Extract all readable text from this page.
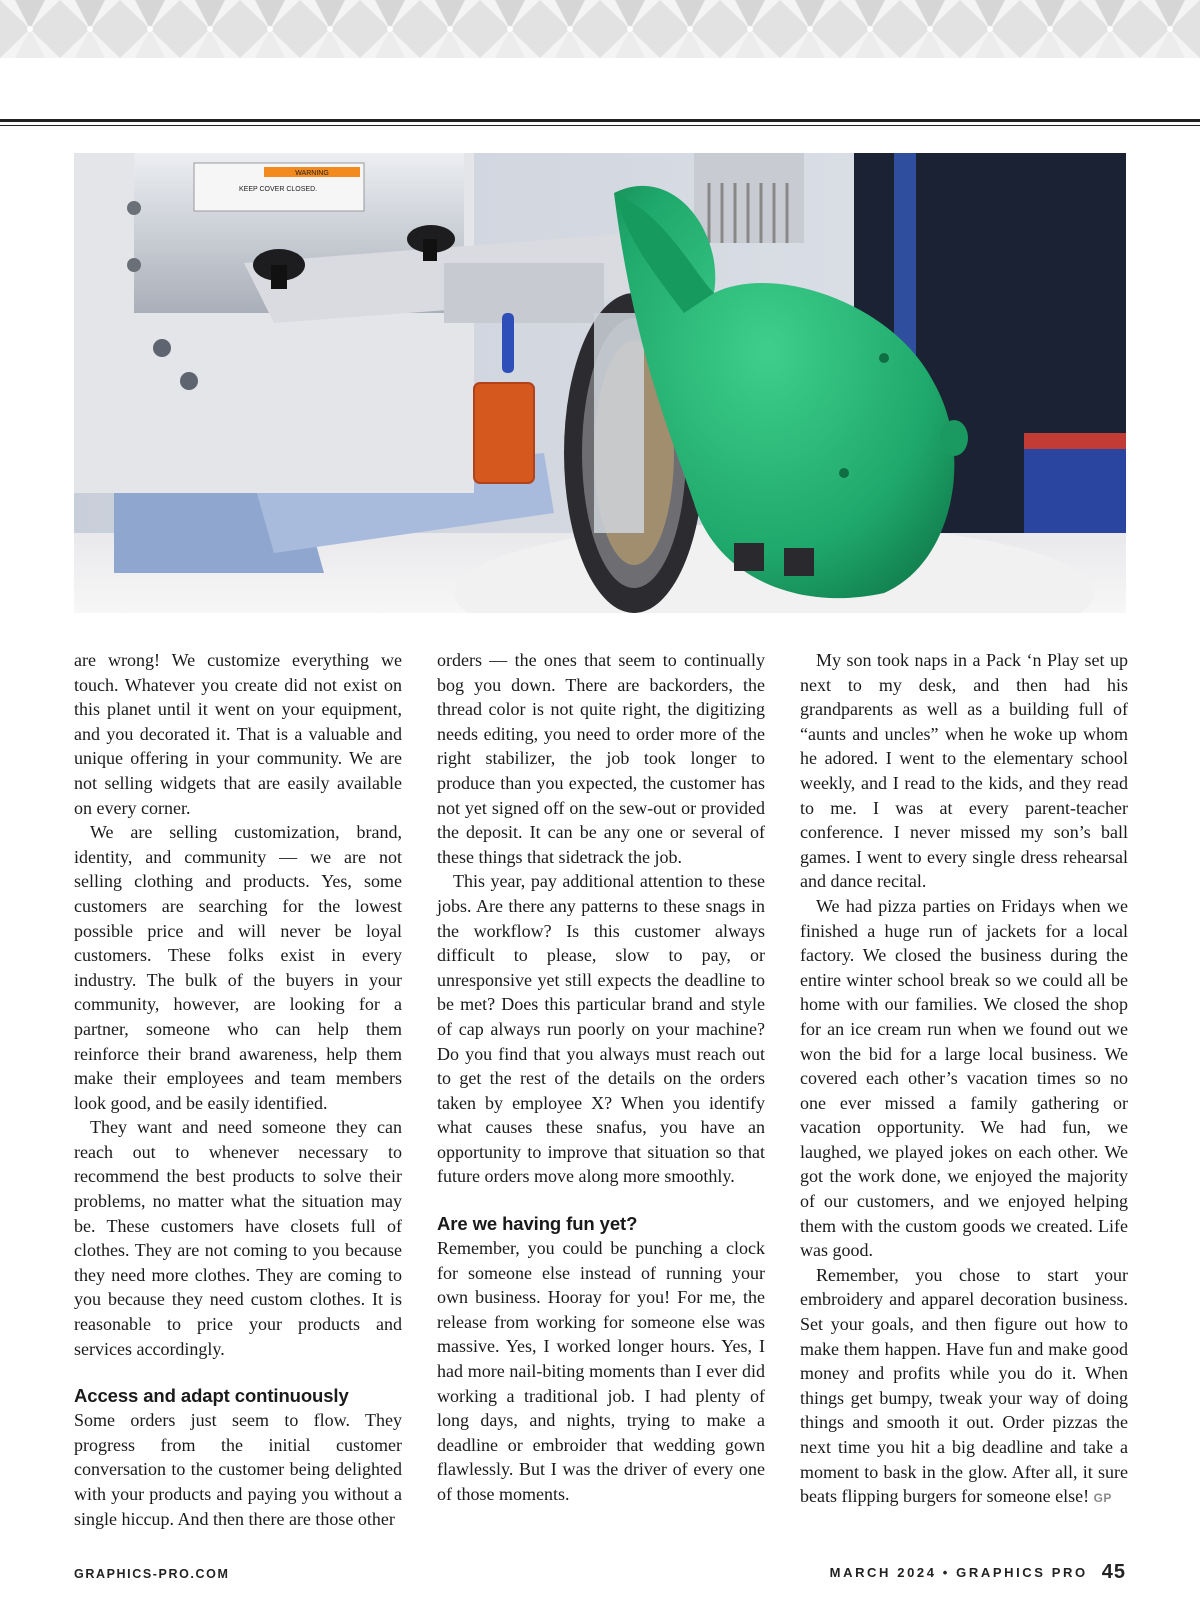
WARNING
KEEP COVER CLOSED.

are wrong! We customize everything we touch. Whatever you create did not exist on this planet until it went on your equipment, and you decorated it. That is a valuable and unique offering in your community. We are not selling widgets that are easily available on every corner.

We are selling customization, brand, identity, and community — we are not selling clothing and products. Yes, some customers are searching for the lowest possible price and will never be loyal customers. These folks exist in every industry. The bulk of the buyers in your community, however, are looking for a partner, someone who can help them reinforce their brand awareness, help them make their employees and team members look good, and be easily identified.

They want and need someone they can reach out to whenever necessary to recommend the best products to solve their problems, no matter what the situation may be. These customers have closets full of clothes. They are not coming to you because they need more clothes. They are coming to you because they need custom clothes. It is reasonable to price your products and services accordingly.

Access and adapt continuously

Some orders just seem to flow. They progress from the initial customer conversation to the customer being delighted with your products and paying you without a single hiccup. And then there are those other

orders — the ones that seem to continually bog you down. There are backorders, the thread color is not quite right, the digitizing needs editing, you need to order more of the right stabilizer, the job took longer to produce than you expected, the customer has not yet signed off on the sew-out or provided the deposit. It can be any one or several of these things that sidetrack the job.

This year, pay additional attention to these jobs. Are there any patterns to these snags in the workflow? Is this customer always difficult to please, slow to pay, or unresponsive yet still expects the deadline to be met? Does this particular brand and style of cap always run poorly on your machine? Do you find that you always must reach out to get the rest of the details on the orders taken by employee X? When you identify what causes these snafus, you have an opportunity to improve that situation so that future orders move along more smoothly.

Are we having fun yet?

Remember, you could be punching a clock for someone else instead of running your own business. Hooray for you! For me, the release from working for someone else was massive. Yes, I worked longer hours. Yes, I had more nail-biting moments than I ever did working a traditional job. I had plenty of long days, and nights, trying to make a deadline or embroider that wedding gown flawlessly. But I was the driver of every one of those moments.

My son took naps in a Pack ‘n Play set up next to my desk, and then had his grandparents as well as a building full of “aunts and uncles” when he woke up whom he adored. I went to the elementary school weekly, and I read to the kids, and they read to me. I was at every parent-teacher conference. I never missed my son’s ball games. I went to every single dress rehearsal and dance recital.

We had pizza parties on Fridays when we finished a huge run of jackets for a local factory. We closed the business during the entire winter school break so we could all be home with our families. We closed the shop for an ice cream run when we found out we won the bid for a large local business. We covered each other’s vacation times so no one ever missed a family gathering or vacation opportunity. We had fun, we laughed, we played jokes on each other. We got the work done, we enjoyed the majority of our customers, and we enjoyed helping them with the custom goods we created. Life was good.

Remember, you chose to start your embroidery and apparel decoration business. Set your goals, and then figure out how to make them happen. Have fun and make good money and profits while you do it. When things get bumpy, tweak your way of doing things and smooth it out. Order pizzas the next time you hit a big deadline and take a moment to bask in the glow. After all, it sure beats flipping burgers for someone else! GP

GRAPHICS-PRO.COM	MARCH 2024 • GRAPHICS PRO 45
